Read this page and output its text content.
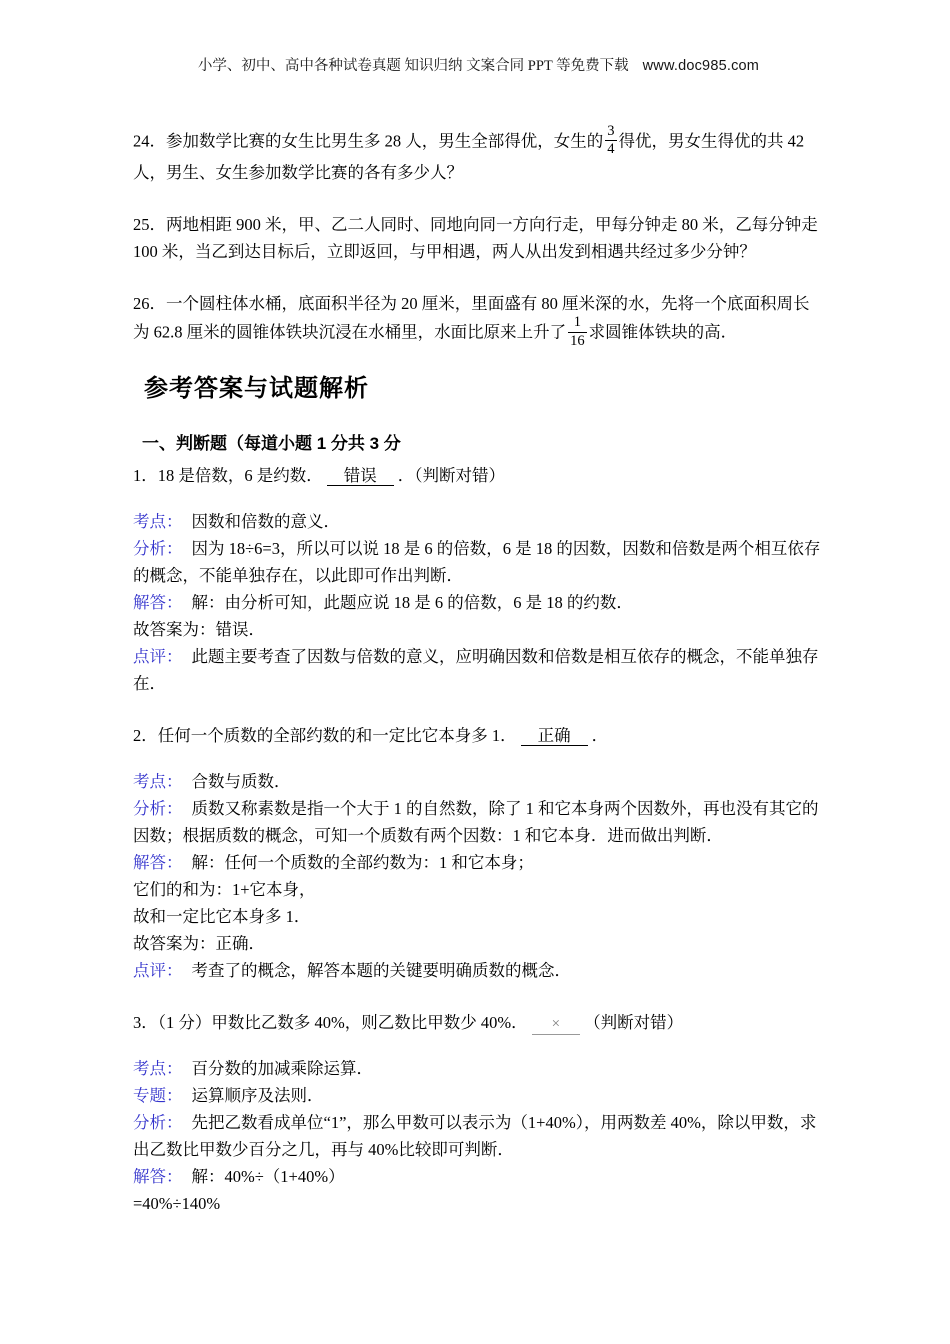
小学、初中、高中各种试卷真题 知识归纳 文案合同 PPT 等免费下载 www.doc985.com

24．参加数学比赛的女生比男生多 28 人，男生全部得优，女生的 $\frac{3}{4}$ 得优，男女生得优的共 42 人，男生、女生参加数学比赛的各有多少人？

25．两地相距 900 米，甲、乙二人同时、同地向同一方向行走，甲每分钟走 80 米，乙每分钟走 100 米，当乙到达目标后，立即返回，与甲相遇，两人从出发到相遇共经过多少分钟？

26．一个圆柱体水桶，底面积半径为 20 厘米，里面盛有 80 厘米深的水，先将一个底面积周长为 62.8 厘米的圆锥体铁块沉浸在水桶里，水面比原来上升了 $\frac{1}{16}$ 求圆锥体铁块的高．

参考答案与试题解析

一、判断题（每道小题 1 分共 3 分

1．18 是倍数，6 是约数． 错误 ．（判断对错）

考点： 因数和倍数的意义．

分析： 因为 18÷6=3，所以可以说 18 是 6 的倍数，6 是 18 的因数，因数和倍数是两个相互依存的概念，不能单独存在，以此即可作出判断．

解答： 解：由分析可知，此题应说 18 是 6 的倍数，6 是 18 的约数．

故答案为：错误．

点评： 此题主要考查了因数与倍数的意义，应明确因数和倍数是相互依存的概念，不能单独存在．

2．任何一个质数的全部约数的和一定比它本身多 1． 正确 ．

考点： 合数与质数．

分析： 质数又称素数是指一个大于 1 的自然数，除了 1 和它本身两个因数外，再也没有其它的因数；根据质数的概念，可知一个质数有两个因数：1 和它本身．进而做出判断．

解答： 解：任何一个质数的全部约数为：1 和它本身；

它们的和为：1+它本身，

故和一定比它本身多 1．

故答案为：正确．

点评： 考查了的概念，解答本题的关键要明确质数的概念．

3．（1 分）甲数比乙数多 40%，则乙数比甲数少 40%． × （判断对错）

考点： 百分数的加减乘除运算．

专题： 运算顺序及法则．

分析： 先把乙数看成单位“1”，那么甲数可以表示为（1+40%），用两数差 40%，除以甲数，求出乙数比甲数少百分之几，再与 40%比较即可判断．

解答： 解：40%÷（1+40%）

=40%÷140%
